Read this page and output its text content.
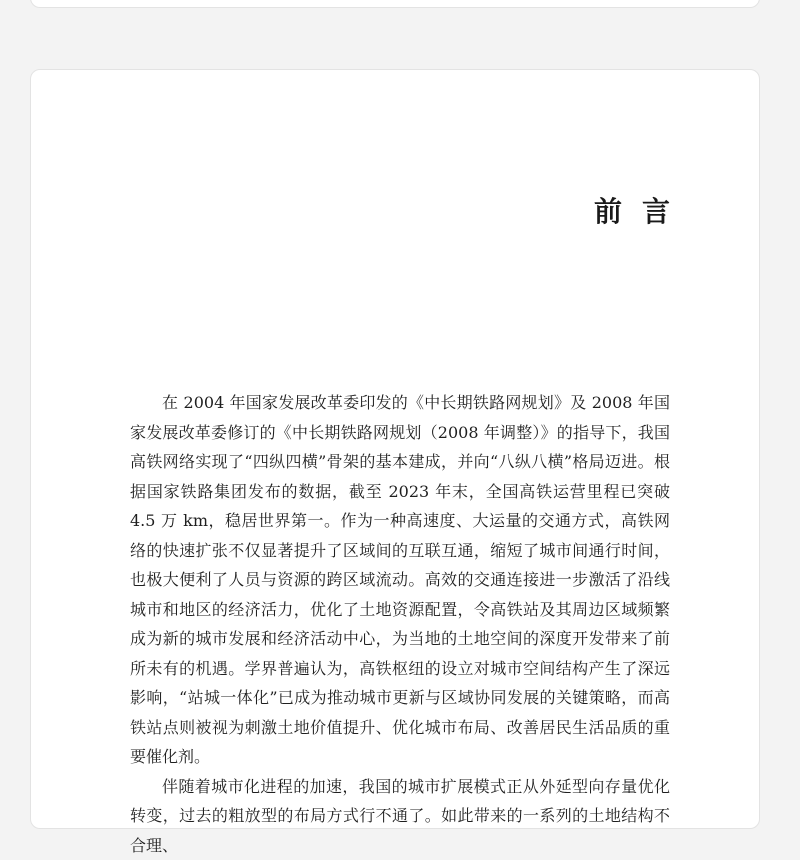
前言

在 2004 年国家发展改革委印发的《中长期铁路网规划》及 2008 年国家发展改革委修订的《中长期铁路网规划（2008 年调整）》的指导下，我国高铁网络实现了“四纵四横”骨架的基本建成，并向“八纵八横”格局迈进。根据国家铁路集团发布的数据，截至 2023 年末，全国高铁运营里程已突破 4.5 万 km，稳居世界第一。作为一种高速度、大运量的交通方式，高铁网络的快速扩张不仅显著提升了区域间的互联互通，缩短了城市间通行时间，也极大便利了人员与资源的跨区域流动。高效的交通连接进一步激活了沿线城市和地区的经济活力，优化了土地资源配置，令高铁站及其周边区域频繁成为新的城市发展和经济活动中心，为当地的土地空间的深度开发带来了前所未有的机遇。学界普遍认为，高铁枢纽的设立对城市空间结构产生了深远影响，“站城一体化”已成为推动城市更新与区域协同发展的关键策略，而高铁站点则被视为刺激土地价值提升、优化城市布局、改善居民生活品质的重要催化剂。

伴随着城市化进程的加速，我国的城市扩展模式正从外延型向存量优化转变，过去的粗放型的布局方式行不通了。如此带来的一系列的土地结构不合理、
